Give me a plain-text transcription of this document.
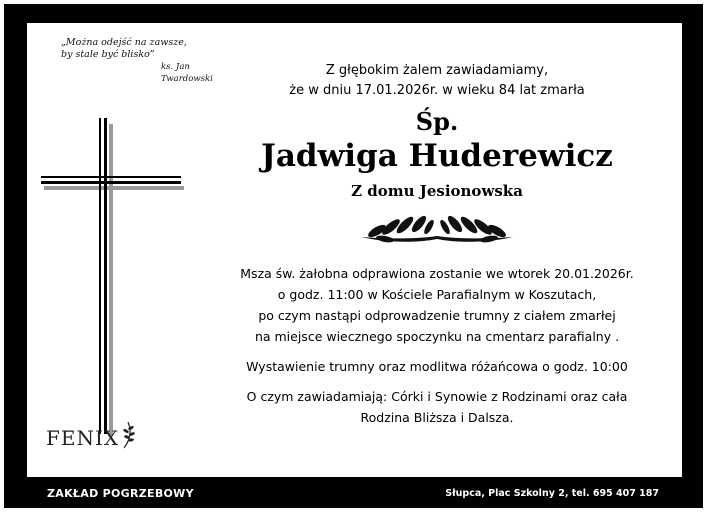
„Można odejść na zawsze,
by stale być blisko”
ks. Jan Twardowski
Z głębokim żalem zawiadamiamy,
że w dniu 17.01.2026r. w wieku 84 lat zmarła
Śp.
Jadwiga Huderewicz
Z domu Jesionowska

Msza św. żałobna odprawiona zostanie we wtorek 20.01.2026r.

o godz. 11:00 w Kościele Parafialnym w Koszutach,

po czym nastąpi odprowadzenie trumny z ciałem zmarłej

na miejsce wiecznego spoczynku na cmentarz parafialny .

Wystawienie trumny oraz modlitwa różańcowa o godz. 10:00

O czym zawiadamiają: Córki i Synowie z Rodzinami oraz cała

Rodzina Bliższa i Dalsza.

FENIX
ZAKŁAD POGRZEBOWY	Słupca, Plac Szkolny 2, tel. 695 407 187
